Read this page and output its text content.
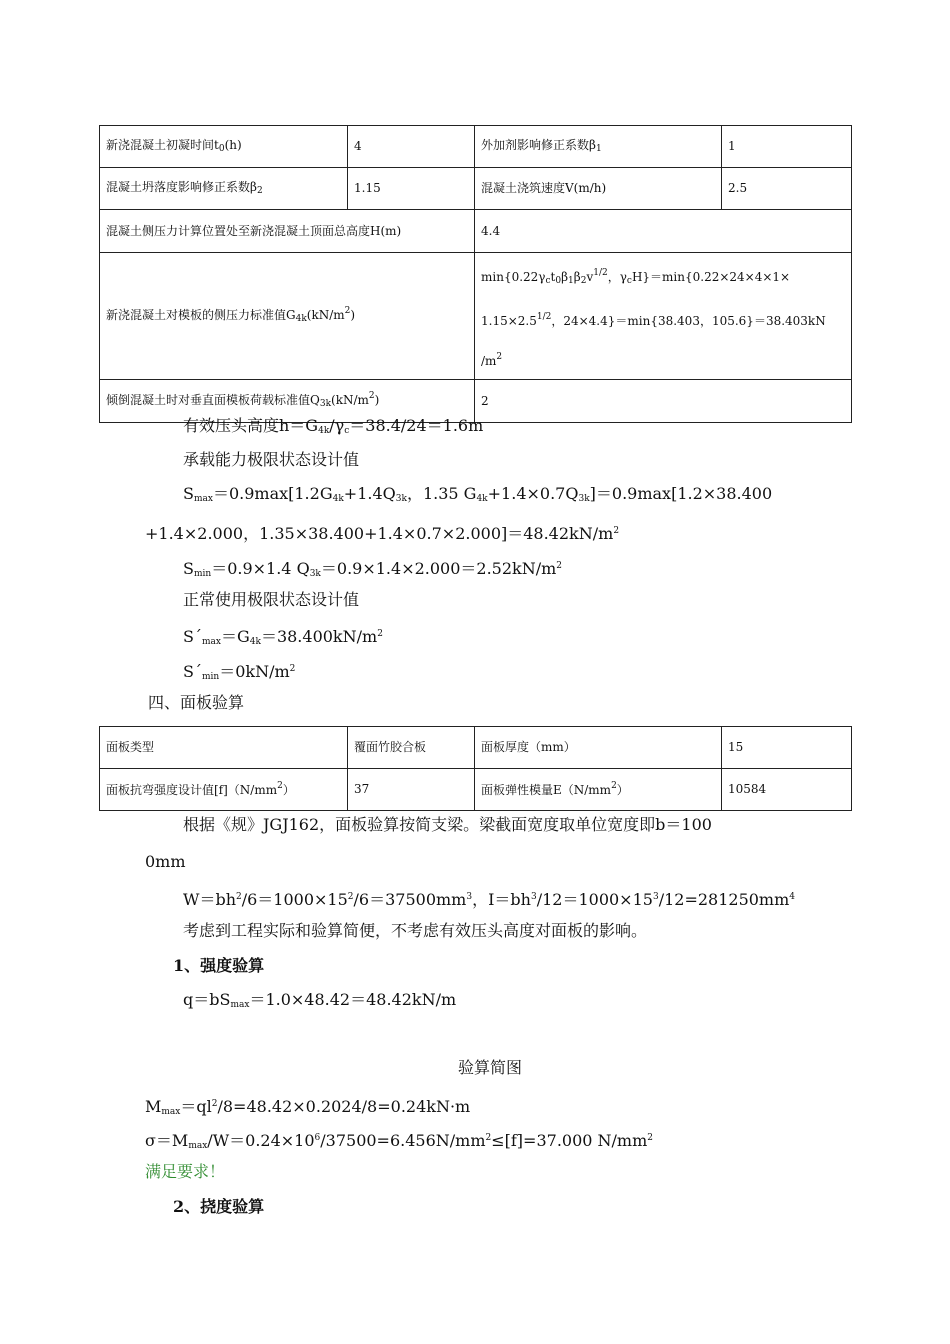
新浇混凝土初凝时间$t_0(h)$	4	外加剂影响修正系数$\beta_1$	1
混凝土坍落度影响修正系数$\beta_2$	1.15	混凝土浇筑速度V(m/h)	2.5
混凝土侧压力计算位置处至新浇混凝土顶面总高度H(m)		4.4	
新浇混凝土对模板的侧压力标准值$G_{4k}(kN/m^2)$		$\min\{0.22\gamma_ct_0\beta_1\beta_2v^{1/2}$，$\gamma_cH\}=\min\{0.22\times 24\times 4\times 1\times$
$1.15\times 2.5^{1/2}$，24×4.4}＝min{38.403，105.6}＝38.403kN
$/m^2$
倾倒混凝土时对垂直面模板荷载标准值$Q_{3k}(kN/m^2)$		2	
有效压头高度$h=G_{4k}/\gamma_c=38.4/24=1.6m$
承载能力极限状态设计值
$S_{max}=0.9\max[1.2G_{4k}+1.4Q_{3k}$，1.35 $G_{4k}+1.4\times 0.7Q_{3k}]=0.9\max[1.2\times 38.400$
+1.4×2.000，$1.35\times 38.400+1.4\times 0.7\times 2.000]=48.42kN/m^2$
$S_{min}=0.9\times 1.4$ $Q_{3k}=0.9\times 1.4\times 2.000=2.52kN/m^2$
正常使用极限状态设计值
$S´_{max}=G_{4k}=38.400kN/m^2$
$S´_{min}=0kN/m^2$
四、面板验算
面板类型	覆面竹胶合板	面板厚度（mm）	15
面板抗弯强度设计值$[f](N/mm^2)$	37	面板弹性模量$E(N/mm^2)$	10584
根据《规》JGJ162，面板验算按简支梁。梁截面宽度取单位宽度即b＝100
0mm
$W=bh^2/6=1000\times 15^2/6=37500mm^3$，$I=bh^3/12=1000\times 15^3/12=281250mm^4$
考虑到工程实际和验算简便，不考虑有效压头高度对面板的影响。
1、强度验算
$q=bS_{max}=1.0\times 48.42=48.42kN/m$
验算简图
$M_{max}=ql^2/8=48.42\times 0.2024/8=0.24kN\cdot m$
$\sigma=M_{max}/W=0.24\times 10^6/37500=6.456N/mm^2\le[f]=37.000$ $N/mm^2$
满足要求！
2、挠度验算
